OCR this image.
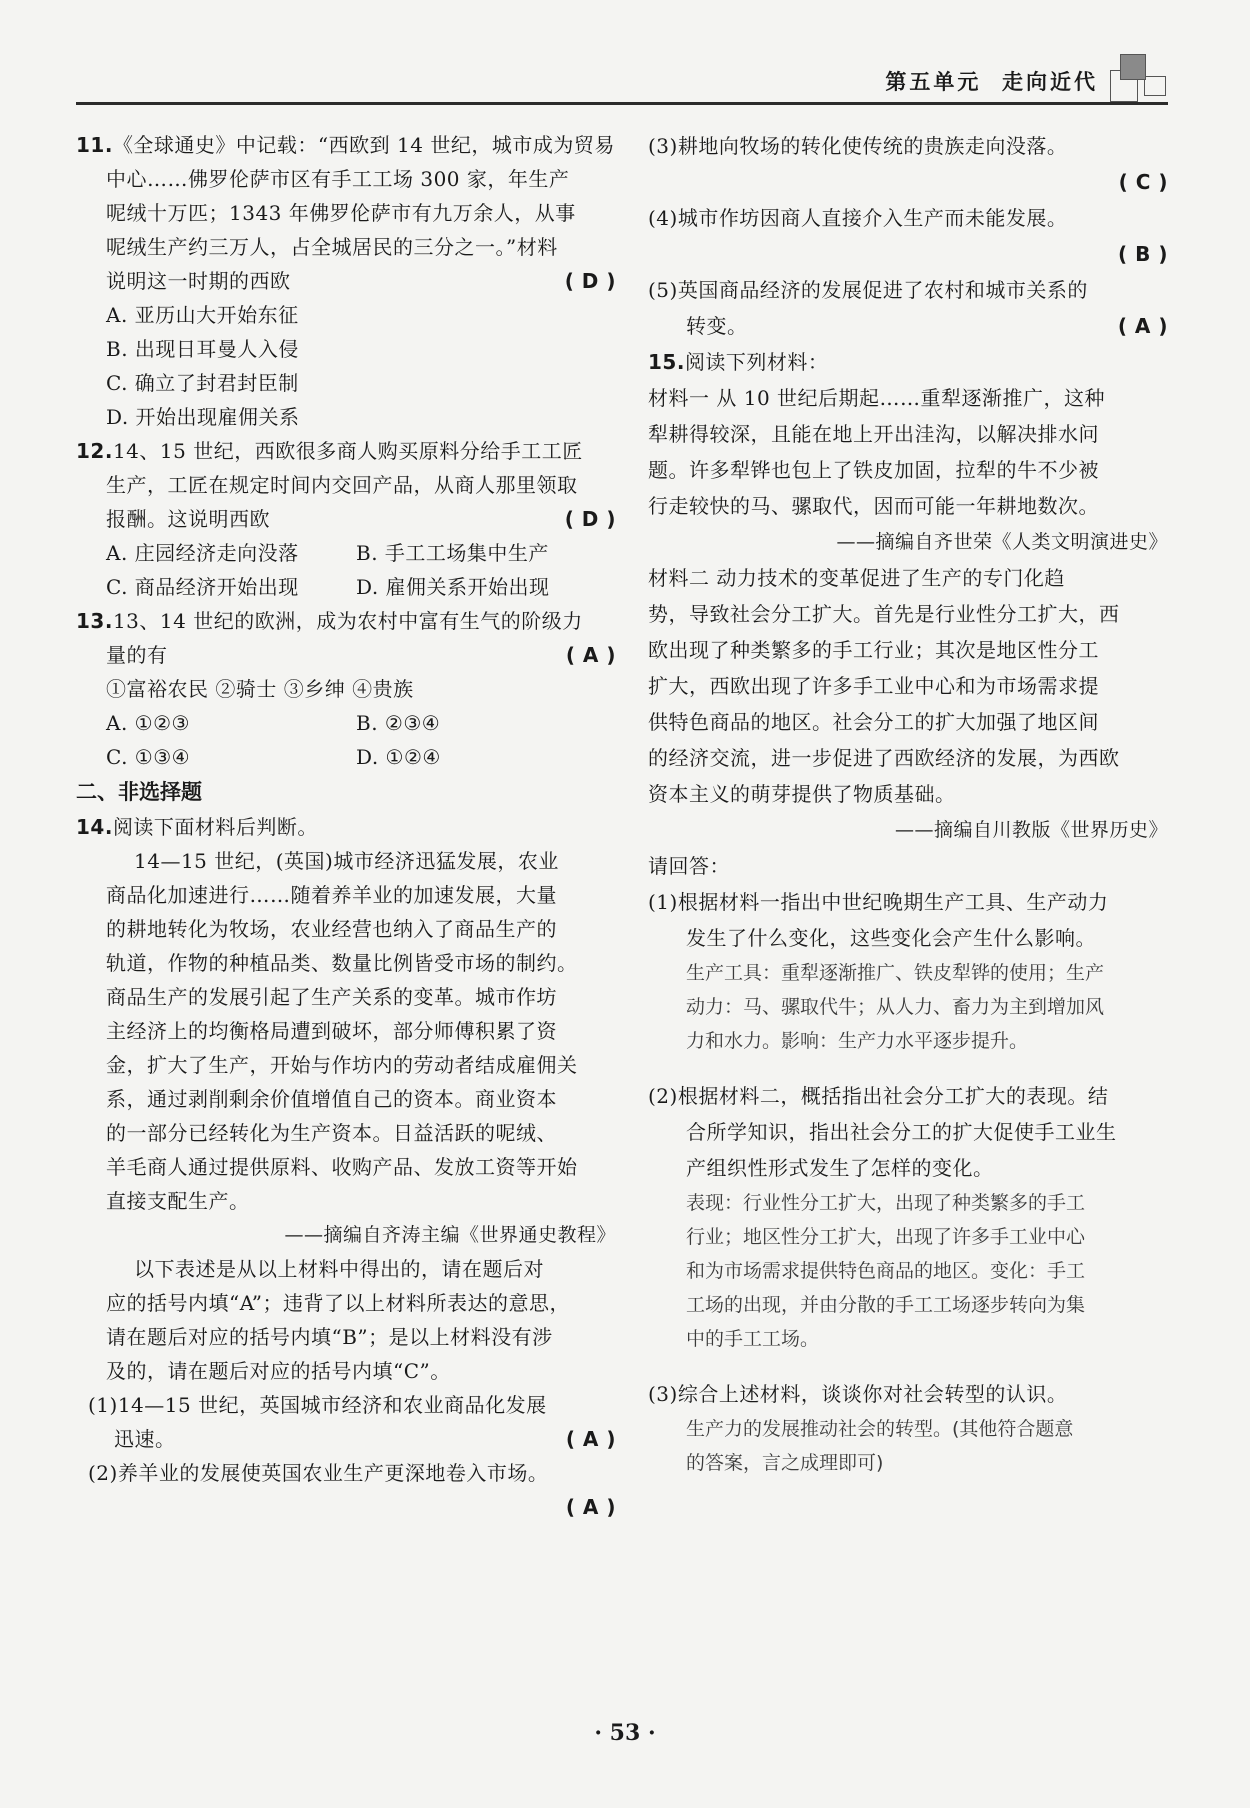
第五单元  走向近代
11.《全球通史》中记载：“西欧到 14 世纪，城市成为贸易
中心……佛罗伦萨市区有手工工场 300 家，年生产
呢绒十万匹；1343 年佛罗伦萨市有九万余人，从事
呢绒生产约三万人，占全城居民的三分之一。”材料
说明这一时期的西欧	( D )
A. 亚历山大开始东征
B. 出现日耳曼人入侵
C. 确立了封君封臣制
D. 开始出现雇佣关系
12.14、15 世纪，西欧很多商人购买原料分给手工工匠
生产，工匠在规定时间内交回产品，从商人那里领取
报酬。这说明西欧	( D )
A. 庄园经济走向没落	B. 手工工场集中生产
C. 商品经济开始出现	D. 雇佣关系开始出现
13.13、14 世纪的欧洲，成为农村中富有生气的阶级力
量的有	( A )
①富裕农民 ②骑士 ③乡绅 ④贵族
A. ①②③	B. ②③④
C. ①③④	D. ①②④
二、非选择题
14.阅读下面材料后判断。
14—15 世纪，(英国)城市经济迅猛发展，农业
商品化加速进行……随着养羊业的加速发展，大量
的耕地转化为牧场，农业经营也纳入了商品生产的
轨道，作物的种植品类、数量比例皆受市场的制约。
商品生产的发展引起了生产关系的变革。城市作坊
主经济上的均衡格局遭到破坏，部分师傅积累了资
金，扩大了生产，开始与作坊内的劳动者结成雇佣关
系，通过剥削剩余价值增值自己的资本。商业资本
的一部分已经转化为生产资本。日益活跃的呢绒、
羊毛商人通过提供原料、收购产品、发放工资等开始
直接支配生产。
——摘编自齐涛主编《世界通史教程》
以下表述是从以上材料中得出的，请在题后对
应的括号内填“A”；违背了以上材料所表达的意思，
请在题后对应的括号内填“B”；是以上材料没有涉
及的，请在题后对应的括号内填“C”。
(1)14—15 世纪，英国城市经济和农业商品化发展
迅速。	( A )
(2)养羊业的发展使英国农业生产更深地卷入市场。
( A )
(3)耕地向牧场的转化使传统的贵族走向没落。
( C )
(4)城市作坊因商人直接介入生产而未能发展。
( B )
(5)英国商品经济的发展促进了农村和城市关系的
转变。	( A )
15.阅读下列材料：
材料一 从 10 世纪后期起……重犁逐渐推广，这种
犁耕得较深，且能在地上开出洼沟，以解决排水问
题。许多犁铧也包上了铁皮加固，拉犁的牛不少被
行走较快的马、骡取代，因而可能一年耕地数次。
——摘编自齐世荣《人类文明演进史》
材料二 动力技术的变革促进了生产的专门化趋
势，导致社会分工扩大。首先是行业性分工扩大，西
欧出现了种类繁多的手工行业；其次是地区性分工
扩大，西欧出现了许多手工业中心和为市场需求提
供特色商品的地区。社会分工的扩大加强了地区间
的经济交流，进一步促进了西欧经济的发展，为西欧
资本主义的萌芽提供了物质基础。
——摘编自川教版《世界历史》
请回答：
(1)根据材料一指出中世纪晚期生产工具、生产动力
发生了什么变化，这些变化会产生什么影响。
生产工具：重犁逐渐推广、铁皮犁铧的使用；生产
动力：马、骡取代牛；从人力、畜力为主到增加风
力和水力。影响：生产力水平逐步提升。
(2)根据材料二，概括指出社会分工扩大的表现。结
合所学知识，指出社会分工的扩大促使手工业生
产组织性形式发生了怎样的变化。
表现：行业性分工扩大，出现了种类繁多的手工
行业；地区性分工扩大，出现了许多手工业中心
和为市场需求提供特色商品的地区。变化：手工
工场的出现，并由分散的手工工场逐步转向为集
中的手工工场。
(3)综合上述材料，谈谈你对社会转型的认识。
生产力的发展推动社会的转型。(其他符合题意
的答案，言之成理即可)
· 53 ·
